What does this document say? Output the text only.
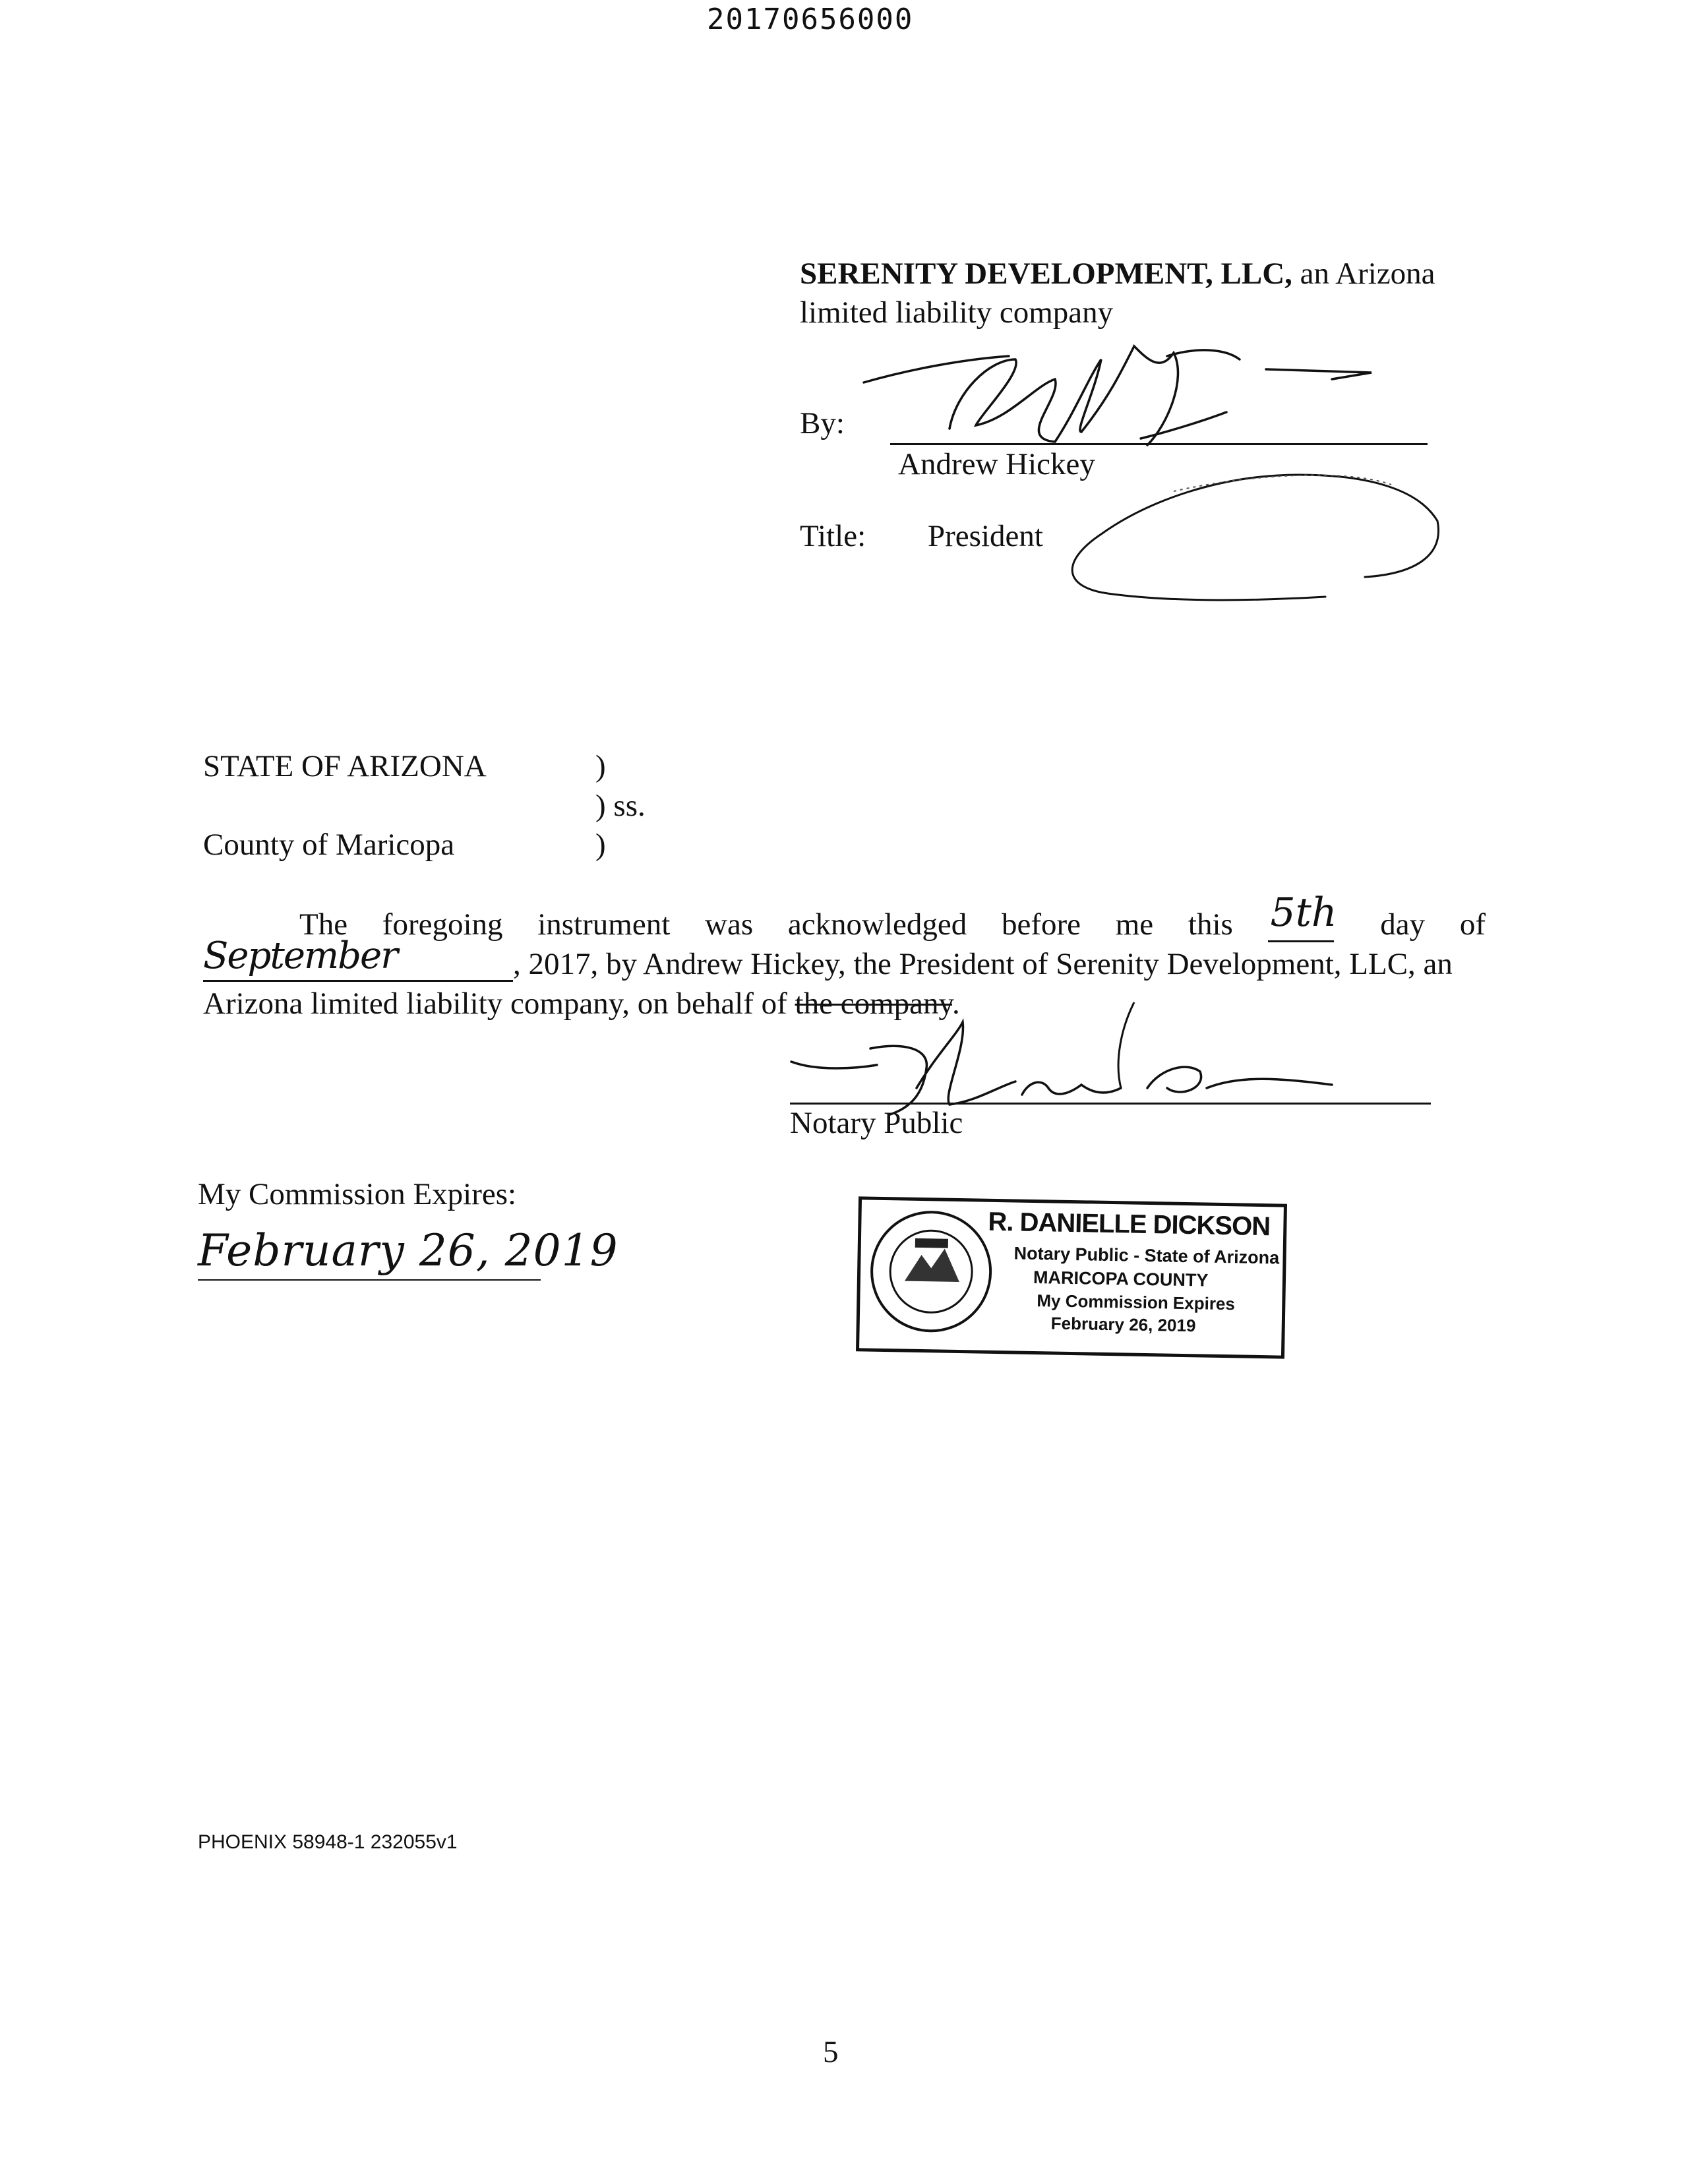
20170656000
SERENITY DEVELOPMENT, LLC, an Arizona
limited liability company
By:
Andrew Hickey
Title: President
STATE OF ARIZONA	)
) ss.
County of Maricopa	)
The foregoing instrument was acknowledged before me this 5th day of
September	, 2017, by Andrew Hickey, the President of Serenity Development, LLC, an
Arizona limited liability company, on behalf of the company.
Notary Public
My Commission Expires:
February 26, 2019
R. DANIELLE DICKSON
Notary Public - State of Arizona
MARICOPA COUNTY
My Commission Expires
February 26, 2019
PHOENIX 58948-1 232055v1
5
